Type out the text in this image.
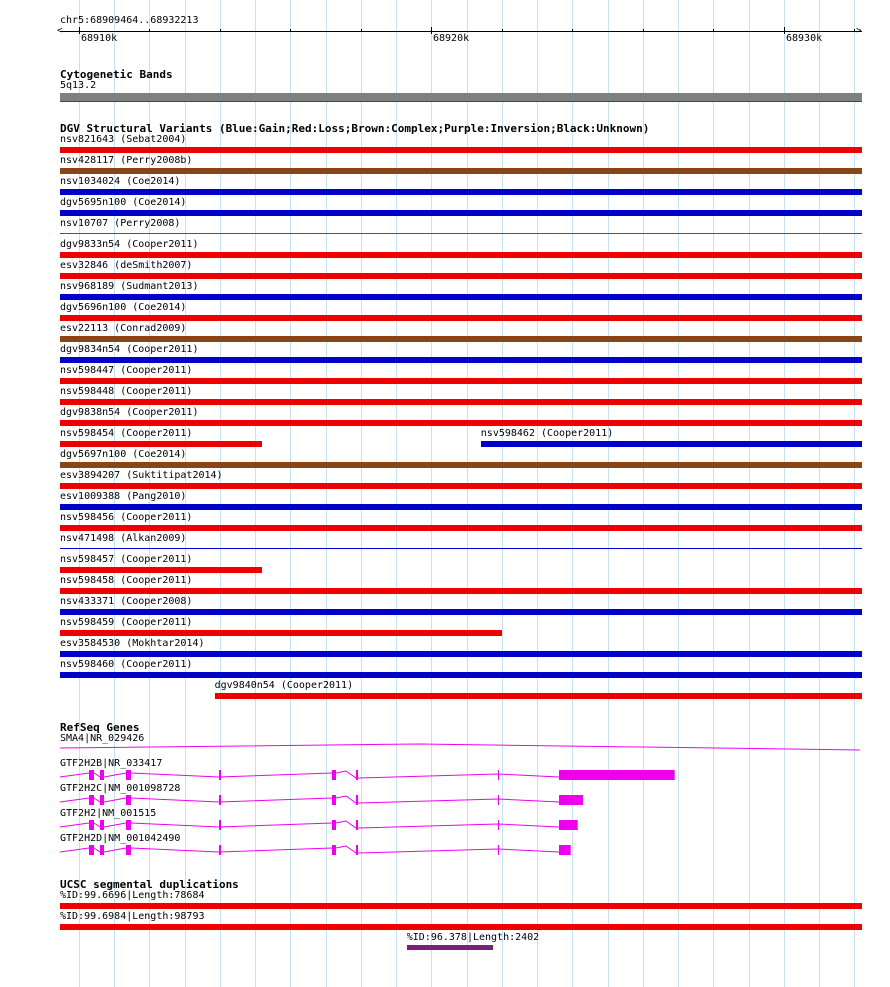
chr5:68909464..68932213
>
<
68910k	68920k	68930k
Cytogenetic Bands
5q13.2
DGV Structural Variants (Blue:Gain;Red:Loss;Brown:Complex;Purple:Inversion;Black:Unknown)
nsv821643 (Sebat2004)
nsv428117 (Perry2008b)
nsv1034024 (Coe2014)
dgv5695n100 (Coe2014)
nsv10707 (Perry2008)
dgv9833n54 (Cooper2011)
esv32846 (deSmith2007)
nsv968189 (Sudmant2013)
dgv5696n100 (Coe2014)
esv22113 (Conrad2009)
dgv9834n54 (Cooper2011)
nsv598447 (Cooper2011)
nsv598448 (Cooper2011)
dgv9838n54 (Cooper2011)
nsv598454 (Cooper2011)	nsv598462 (Cooper2011)
dgv5697n100 (Coe2014)
esv3894207 (Suktitipat2014)
esv1009388 (Pang2010)
nsv598456 (Cooper2011)
nsv471498 (Alkan2009)
nsv598457 (Cooper2011)
nsv598458 (Cooper2011)
nsv433371 (Cooper2008)
nsv598459 (Cooper2011)
esv3584530 (Mokhtar2014)
nsv598460 (Cooper2011)
dgv9840n54 (Cooper2011)
RefSeq Genes
SMA4|NR_029426
GTF2H2B|NR_033417
GTF2H2C|NM_001098728
GTF2H2|NM_001515
GTF2H2D|NM_001042490
UCSC segmental duplications
%ID:99.6696|Length:78684
%ID:99.6984|Length:98793
%ID:96.378|Length:2402
